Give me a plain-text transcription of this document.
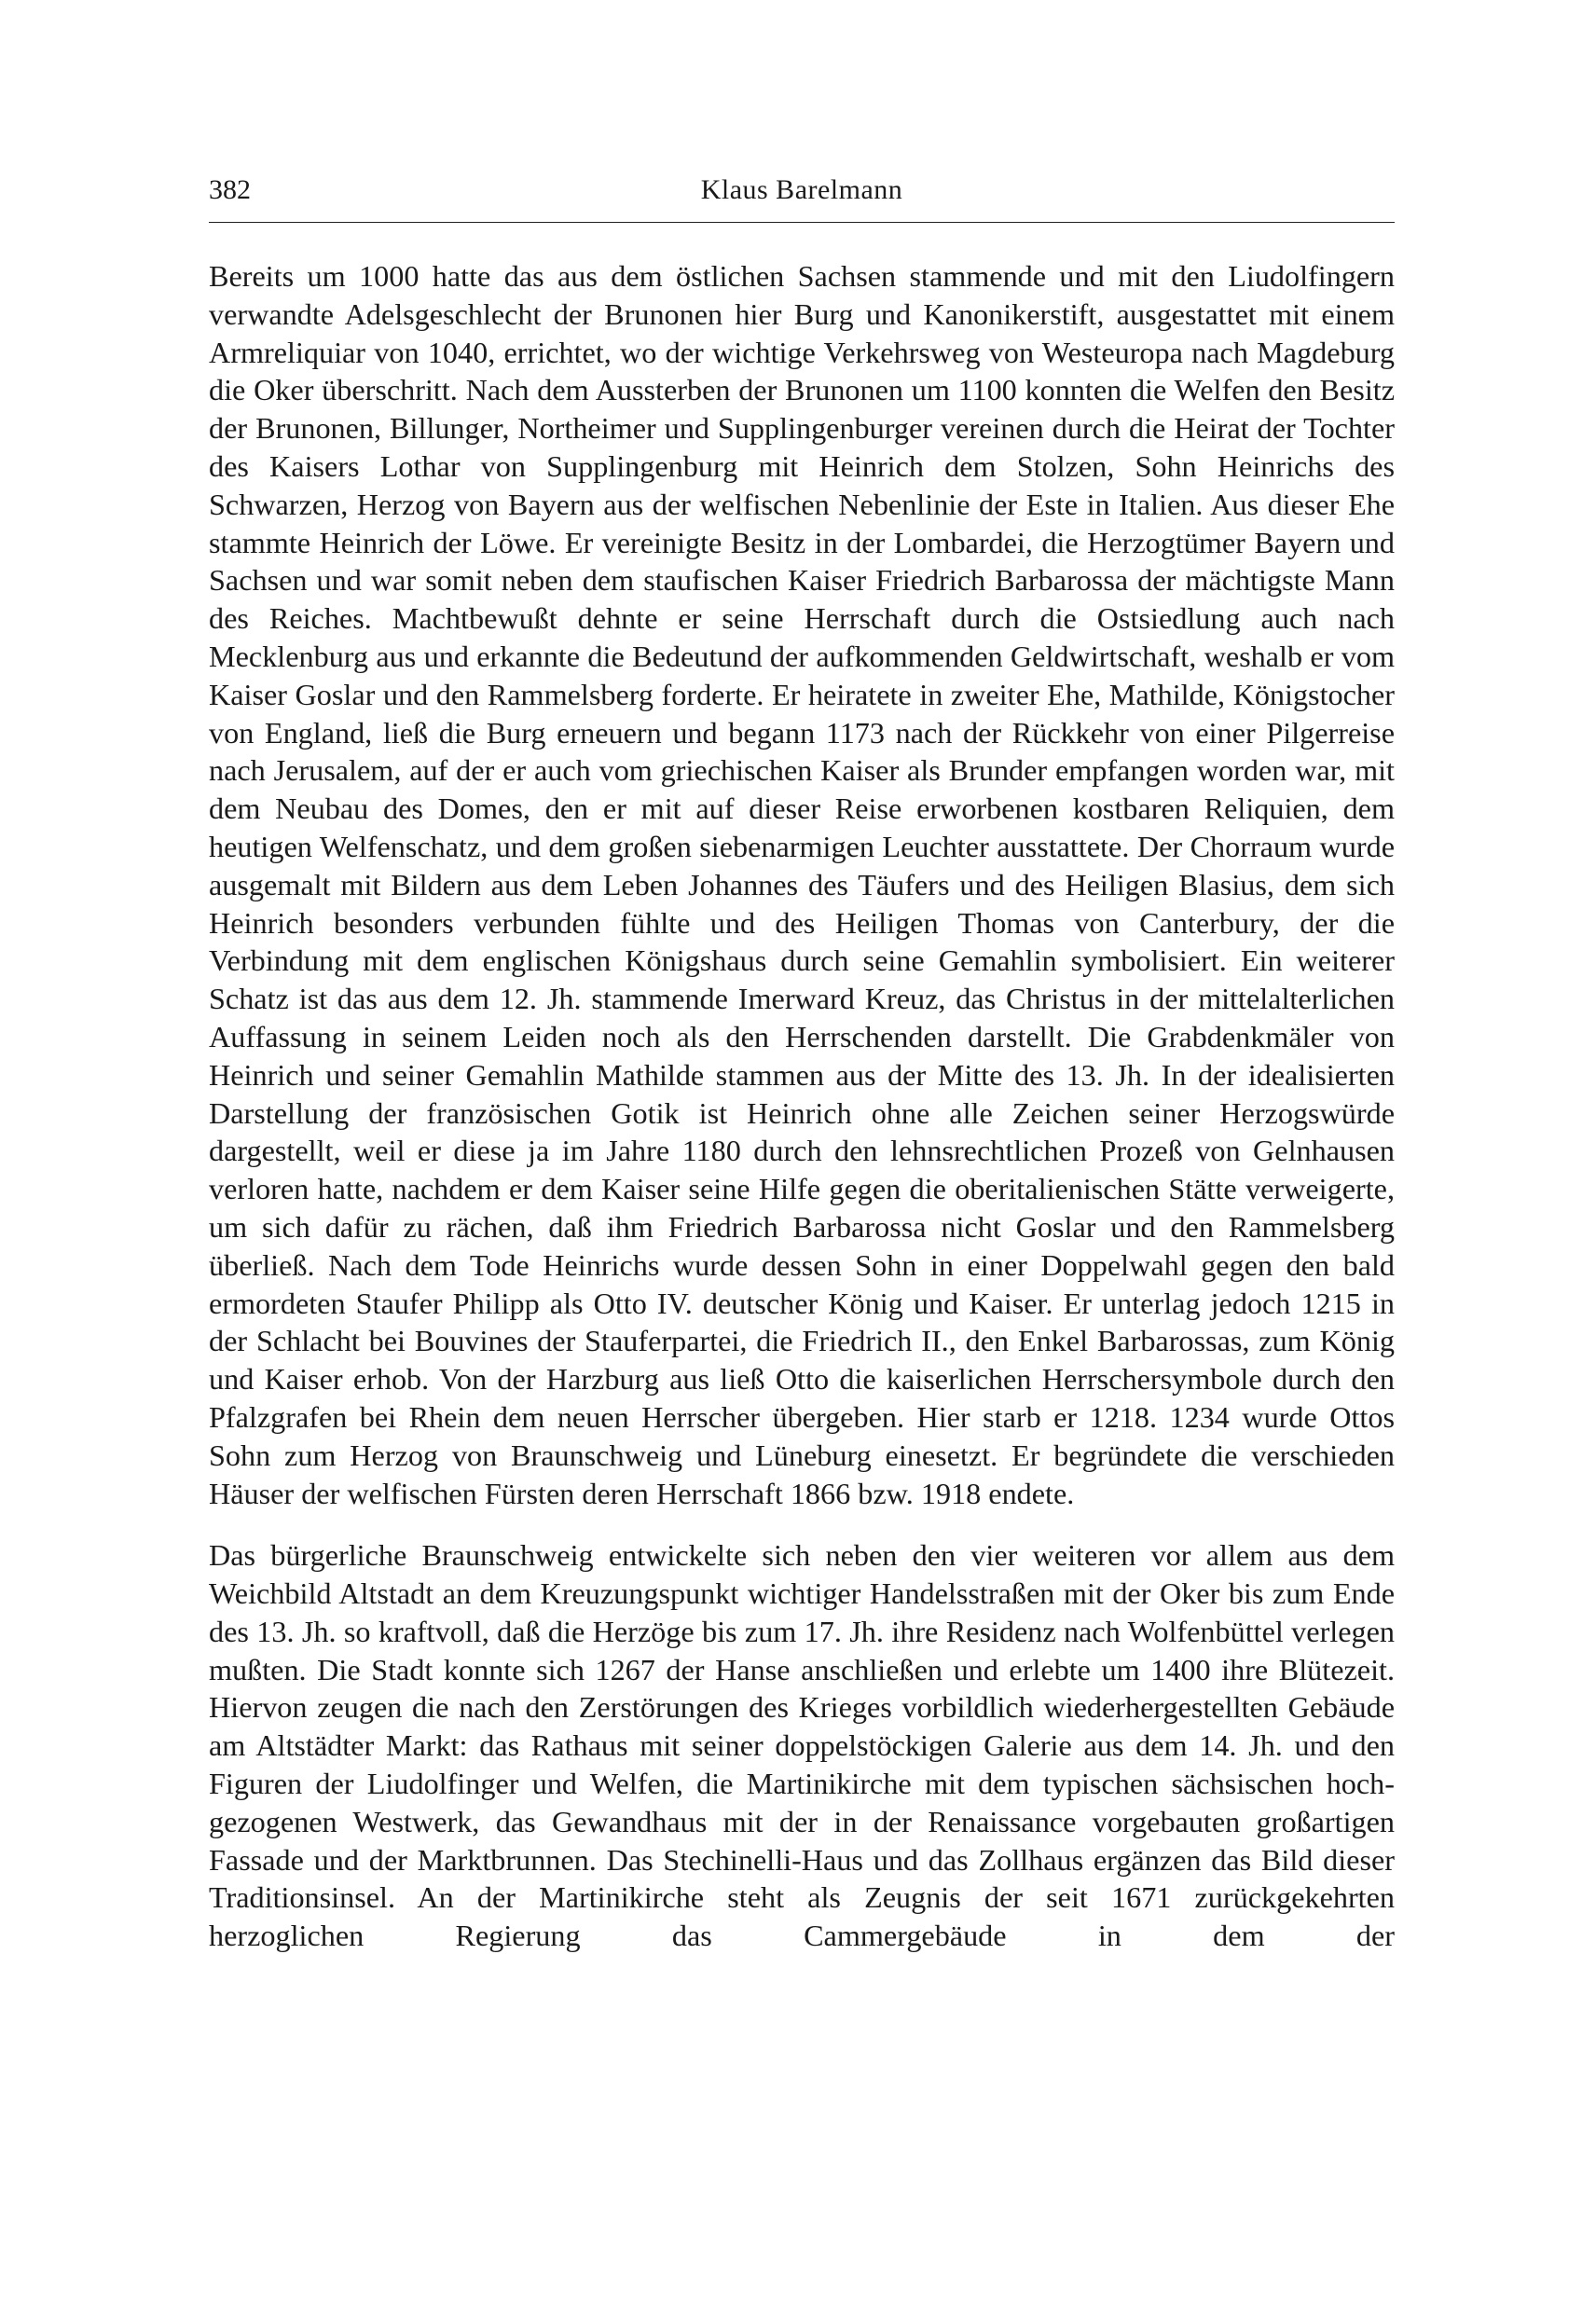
382	Klaus Barelmann

Bereits um 1000 hatte das aus dem östlichen Sachsen stammende und mit den Liudolfingern verwandte Adelsgeschlecht der Brunonen hier Burg und Kanonikerstift, ausgestattet mit einem Armreliquiar von 1040, errichtet, wo der wichtige Verkehrsweg von Westeuropa nach Magdeburg die Oker überschritt. Nach dem Aussterben der Brunonen um 1100 konnten die Welfen den Besitz der Brunonen, Billunger, Northeimer und Supplingenburger vereinen durch die Heirat der Tochter des Kaisers Lothar von Supplingenburg mit Heinrich dem Stolzen, Sohn Heinrichs des Schwarzen, Herzog von Bayern aus der welfischen Nebenlinie der Este in Italien. Aus dieser Ehe stammte Heinrich der Löwe. Er vereinigte Besitz in der Lombardei, die Herzogtümer Bayern und Sachsen und war somit neben dem staufischen Kaiser Friedrich Barbarossa der mächtigste Mann des Reiches. Machtbewußt dehnte er seine Herrschaft durch die Ostsiedlung auch nach Mecklenburg aus und erkannte die Bedeutund der aufkommenden Geldwirtschaft, weshalb er vom Kaiser Goslar und den Rammelsberg forderte. Er heiratete in zweiter Ehe, Mathilde, Königstocher von England, ließ die Burg erneuern und begann 1173 nach der Rückkehr von einer Pilgerreise nach Jerusalem, auf der er auch vom griechischen Kaiser als Brunder empfangen worden war, mit dem Neubau des Domes, den er mit auf dieser Reise erworbenen kostbaren Reliquien, dem heutigen Welfenschatz, und dem großen siebenarmigen Leuchter ausstattete. Der Chorraum wurde ausgemalt mit Bildern aus dem Leben Johannes des Täufers und des Heiligen Blasius, dem sich Heinrich besonders verbunden fühlte und des Heiligen Thomas von Canterbury, der die Verbindung mit dem englischen Königshaus durch seine Gemahlin symbolisiert. Ein weiterer Schatz ist das aus dem 12. Jh. stammende Imerward Kreuz, das Christus in der mittelalterlichen Auffassung in seinem Leiden noch als den Herrschenden darstellt. Die Grabdenkmäler von Heinrich und seiner Gemahlin Mathilde stammen aus der Mitte des 13. Jh. In der idealisierten Darstellung der französischen Gotik ist Heinrich ohne alle Zeichen seiner Herzogswürde dargestellt, weil er diese ja im Jahre 1180 durch den lehnsrechtlichen Prozeß von Gelnhausen verloren hatte, nachdem er dem Kaiser seine Hilfe gegen die oberitalienischen Stätte verweigerte, um sich dafür zu rächen, daß ihm Friedrich Barbarossa nicht Goslar und den Rammelsberg überließ. Nach dem Tode Heinrichs wurde dessen Sohn in einer Doppelwahl gegen den bald ermordeten Staufer Philipp als Otto IV. deutscher König und Kaiser. Er unterlag jedoch 1215 in der Schlacht bei Bouvines der Stauferpartei, die Friedrich II., den Enkel Barbarossas, zum König und Kaiser erhob. Von der Harzburg aus ließ Otto die kaiserlichen Herrschersymbole durch den Pfalzgrafen bei Rhein dem neuen Herrscher übergeben. Hier starb er 1218. 1234 wurde Ottos Sohn zum Herzog von Braunschweig und Lüneburg einesetzt. Er begründete die verschieden Häuser der welfischen Fürsten deren Herrschaft 1866 bzw. 1918 endete.

Das bürgerliche Braunschweig entwickelte sich neben den vier weiteren vor allem aus dem Weichbild Altstadt an dem Kreuzungspunkt wichtiger Handelsstraßen mit der Oker bis zum Ende des 13. Jh. so kraftvoll, daß die Herzöge bis zum 17. Jh. ihre Residenz nach Wolfenbüttel verlegen mußten. Die Stadt konnte sich 1267 der Hanse anschließen und erlebte um 1400 ihre Blütezeit. Hiervon zeugen die nach den Zerstörungen des Krieges vorbildlich wiederhergestellten Gebäude am Altstädter Markt: das Rathaus mit seiner doppelstöckigen Galerie aus dem 14. Jh. und den Figuren der Liudolfinger und Welfen, die Martinikirche mit dem typischen sächsischen hochgezogenen Westwerk, das Gewandhaus mit der in der Renaissance vorgebauten großartigen Fassade und der Marktbrunnen. Das Stechinelli-Haus und das Zollhaus ergänzen das Bild dieser Traditionsinsel. An der Martinikirche steht als Zeugnis der seit 1671 zurückgekehrten herzoglichen Regierung das Cammergebäude in dem der
